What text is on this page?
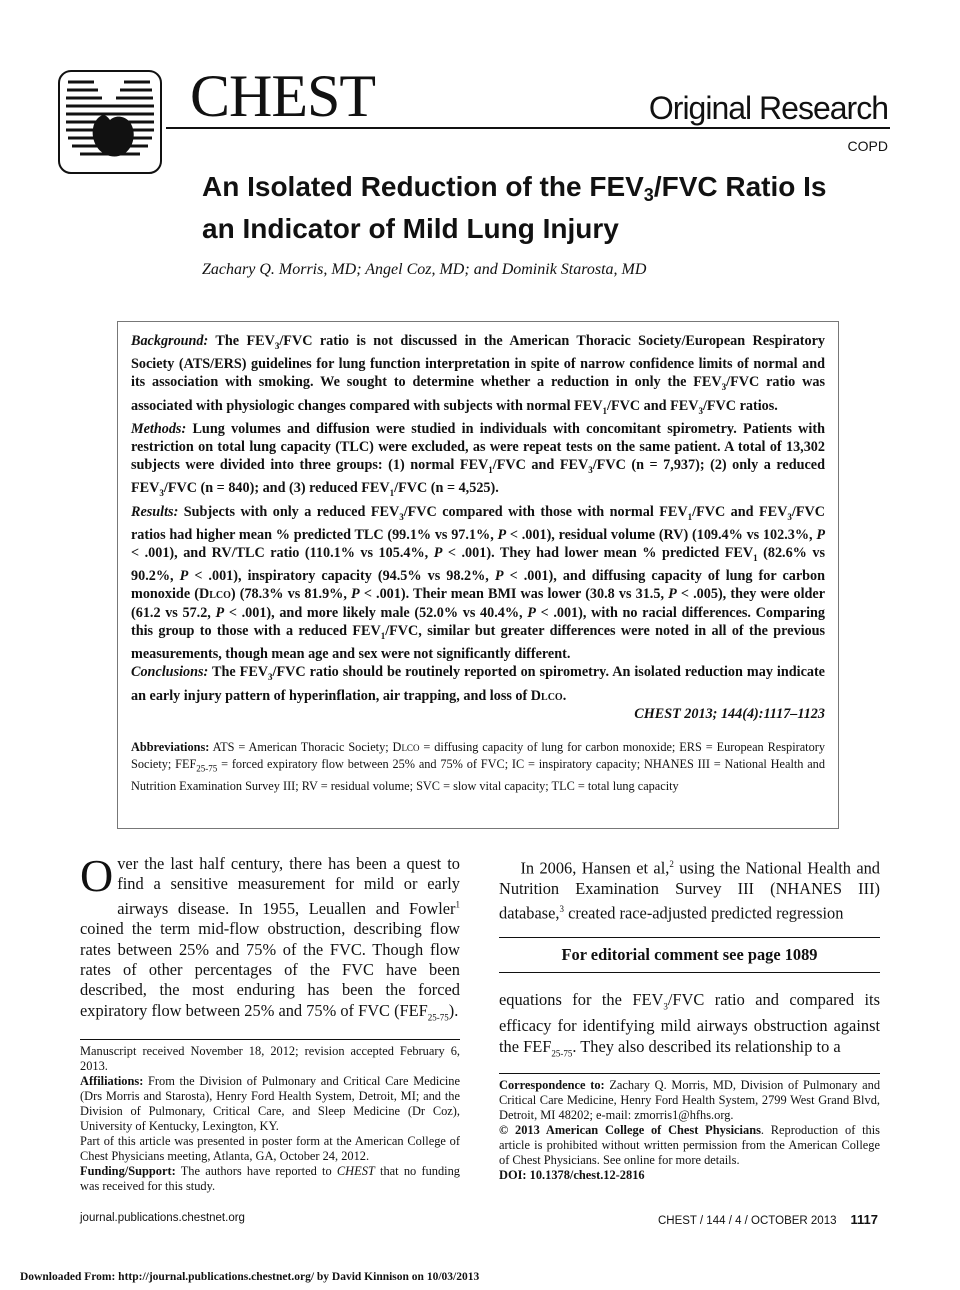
CHEST	Original Research
COPD
An Isolated Reduction of the $FEV_3$/FVC Ratio Is an Indicator of Mild Lung Injury
Zachary Q. Morris, MD; Angel Coz, MD; and Dominik Starosta, MD

Background: The $FEV_3$/FVC ratio is not discussed in the American Thoracic Society/European Respiratory Society (ATS/ERS) guidelines for lung function interpretation in spite of narrow confidence limits of normal and its association with smoking. We sought to determine whether a reduction in only the $FEV_3$/FVC ratio was associated with physiologic changes compared with subjects with normal $FEV_1$/FVC and $FEV_3$/FVC ratios.
Methods: Lung volumes and diffusion were studied in individuals with concomitant spirometry. Patients with restriction on total lung capacity (TLC) were excluded, as were repeat tests on the same patient. A total of 13,302 subjects were divided into three groups: (1) normal $FEV_1$/FVC and $FEV_3$/FVC (n = 7,937); (2) only a reduced $FEV_3$/FVC (n = 840); and (3) reduced $FEV_1$/FVC (n = 4,525).
Results: Subjects with only a reduced $FEV_3$/FVC compared with those with normal $FEV_1$/FVC and $FEV_3$/FVC ratios had higher mean % predicted TLC (99.1% vs 97.1%, P < .001), residual volume (RV) (109.4% vs 102.3%, P < .001), and RV/TLC ratio (110.1% vs 105.4%, P < .001). They had lower mean % predicted $FEV_1$ (82.6% vs 90.2%, P < .001), inspiratory capacity (94.5% vs 98.2%, P < .001), and diffusing capacity of lung for carbon monoxide (Dlco) (78.3% vs 81.9%, P < .001). Their mean BMI was lower (30.8 vs 31.5, P < .005), they were older (61.2 vs 57.2, P < .001), and more likely male (52.0% vs 40.4%, P < .001), with no racial differences. Comparing this group to those with a reduced $FEV_1$/FVC, similar but greater differences were noted in all of the previous measurements, though mean age and sex were not significantly different.
Conclusions: The $FEV_3$/FVC ratio should be routinely reported on spirometry. An isolated reduction may indicate an early injury pattern of hyperinflation, air trapping, and loss of Dlco.

CHEST 2013; 144(4):1117–1123

Abbreviations: ATS = American Thoracic Society; Dlco = diffusing capacity of lung for carbon monoxide; ERS = European Respiratory Society; $FEF_{25-75}$ = forced expiratory flow between 25% and 75% of FVC; IC = inspiratory capacity; NHANES III = National Health and Nutrition Examination Survey III; RV = residual volume; SVC = slow vital capacity; TLC = total lung capacity

Over the last half century, there has been a quest to find a sensitive measurement for mild or early airways disease. In 1955, Leuallen and Fowler$^1$ coined the term mid-flow obstruction, describing flow rates between 25% and 75% of the FVC. Though flow rates of other percentages of the FVC have been described, the most enduring has been the forced expiratory flow between 25% and 75% of FVC $(FEF_{25-75})$.

Manuscript received November 18, 2012; revision accepted February 6, 2013.

Affiliations: From the Division of Pulmonary and Critical Care Medicine (Drs Morris and Starosta), Henry Ford Health System, Detroit, MI; and the Division of Pulmonary, Critical Care, and Sleep Medicine (Dr Coz), University of Kentucky, Lexington, KY.

Part of this article was presented in poster form at the American College of Chest Physicians meeting, Atlanta, GA, October 24, 2012.

Funding/Support: The authors have reported to CHEST that no funding was received for this study.

In 2006, Hansen et al,$^2$ using the National Health and Nutrition Examination Survey III (NHANES III) database,$^3$ created race-adjusted predicted regression

For editorial comment see page 1089

equations for the $FEV_3$/FVC ratio and compared its efficacy for identifying mild airways obstruction against the $FEF_{25-75}$. They also described its relationship to a

Correspondence to: Zachary Q. Morris, MD, Division of Pulmonary and Critical Care Medicine, Henry Ford Health System, 2799 West Grand Blvd, Detroit, MI 48202; e-mail: zmorris1@hfhs.org.

© 2013 American College of Chest Physicians. Reproduction of this article is prohibited without written permission from the American College of Chest Physicians. See online for more details.

DOI: 10.1378/chest.12-2816

journal.publications.chestnet.org	CHEST / 144 / 4 / OCTOBER 2013 1117
Downloaded From: http://journal.publications.chestnet.org/ by David Kinnison on 10/03/2013
